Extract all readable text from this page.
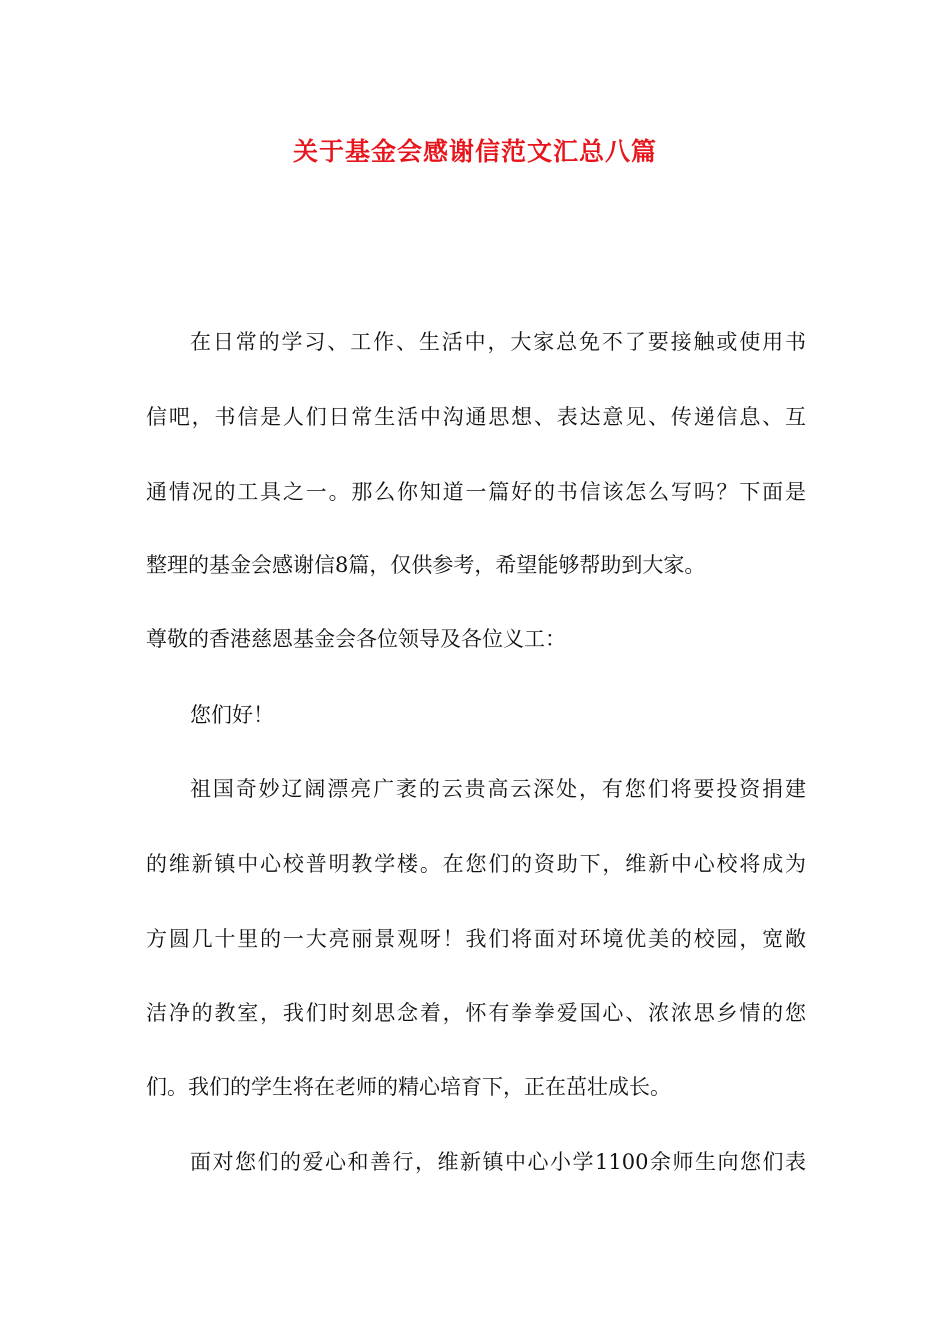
关于基金会感谢信范文汇总八篇

在日常的学习、工作、生活中，大家总免不了要接触或使用书

信吧，书信是人们日常生活中沟通思想、表达意见、传递信息、互

通情况的工具之一。那么你知道一篇好的书信该怎么写吗？下面是

整理的基金会感谢信8篇，仅供参考，希望能够帮助到大家。

尊敬的香港慈恩基金会各位领导及各位义工：

您们好！

祖国奇妙辽阔漂亮广袤的云贵高云深处，有您们将要投资捐建

的维新镇中心校普明教学楼。在您们的资助下，维新中心校将成为

方圆几十里的一大亮丽景观呀！我们将面对环境优美的校园，宽敞

洁净的教室，我们时刻思念着，怀有拳拳爱国心、浓浓思乡情的您

们。我们的学生将在老师的精心培育下，正在茁壮成长。

面对您们的爱心和善行，维新镇中心小学1100余师生向您们表
